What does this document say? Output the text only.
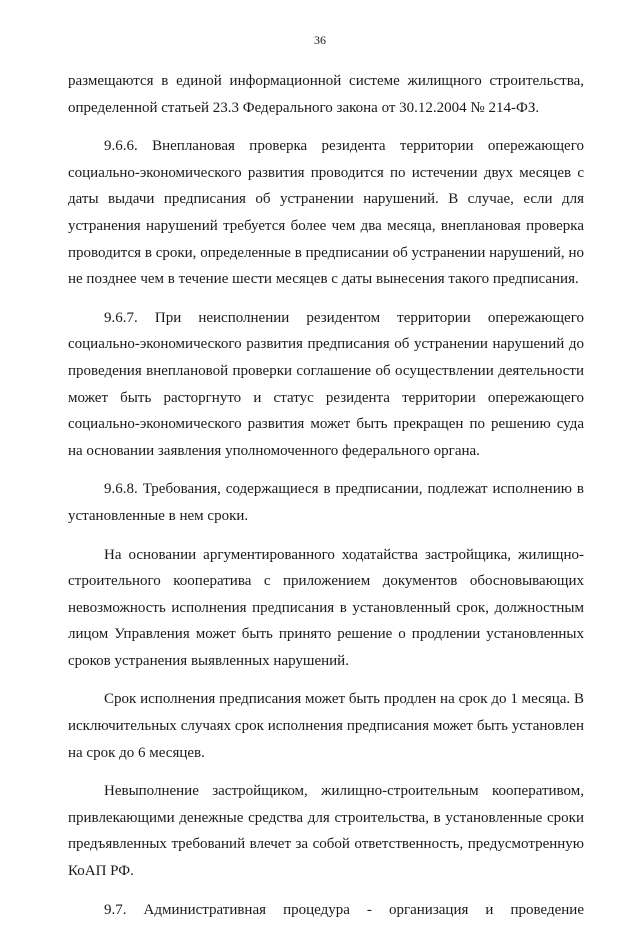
36

размещаются в единой информационной системе жилищного строительства, определенной статьей 23.3 Федерального закона от 30.12.2004 № 214-ФЗ.

9.6.6. Внеплановая проверка резидента территории опережающего социально-экономического развития проводится по истечении двух месяцев с даты выдачи предписания об устранении нарушений. В случае, если для устранения нарушений требуется более чем два месяца, внеплановая проверка проводится в сроки, определенные в предписании об устранении нарушений, но не позднее чем в течение шести месяцев с даты вынесения такого предписания.

9.6.7. При неисполнении резидентом территории опережающего социально-экономического развития предписания об устранении нарушений до проведения внеплановой проверки соглашение об осуществлении деятельности может быть расторгнуто и статус резидента территории опережающего социально-экономического развития может быть прекращен по решению суда на основании заявления уполномоченного федерального органа.

9.6.8. Требования, содержащиеся в предписании, подлежат исполнению в установленные в нем сроки.

На основании аргументированного ходатайства застройщика, жилищно-строительного кооператива с приложением документов обосновывающих невозможность исполнения предписания в установленный срок, должностным лицом Управления может быть принято решение о продлении установленных сроков устранения выявленных нарушений.

Срок исполнения предписания может быть продлен на срок до 1 месяца. В исключительных случаях срок исполнения предписания может быть установлен на срок до 6 месяцев.

Невыполнение застройщиком, жилищно-строительным кооперативом, привлекающими денежные средства для строительства, в установленные сроки предъявленных требований влечет за собой ответственность, предусмотренную КоАП РФ.

9.7. Административная процедура - организация и проведение
